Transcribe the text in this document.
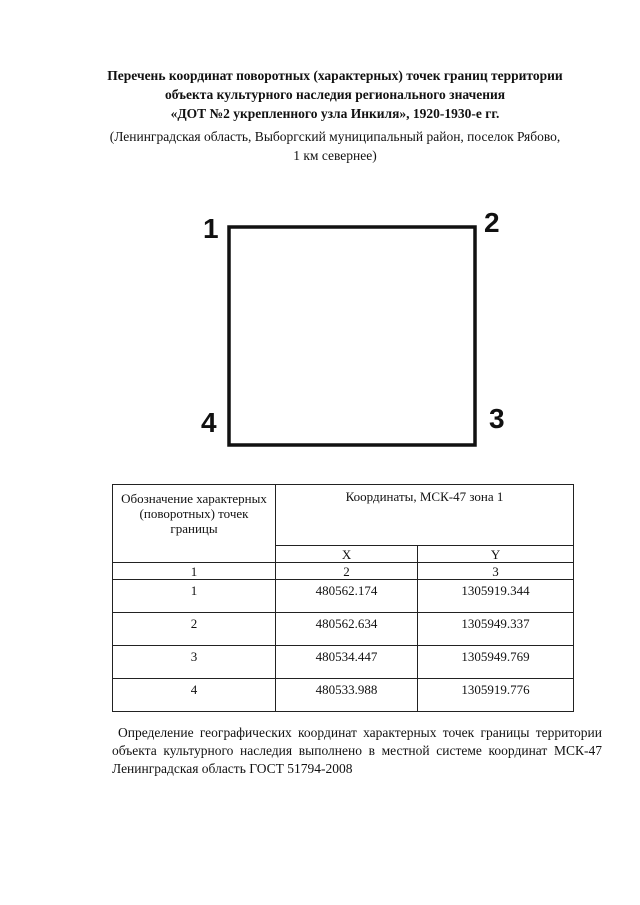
Перечень координат поворотных (характерных) точек границ территории
объекта культурного наследия регионального значения
«ДОТ №2 укрепленного узла Инкиля», 1920-1930-е гг.
(Ленинградская область, Выборгский муниципальный район, поселок Рябово,
1 км севернее)
1	2
3
4
Обозначение характерных (поворотных) точек границы	Координаты, МСК-47 зона 1	
	X	Y
1	2	3
1	480562.174	1305919.344
2	480562.634	1305949.337
3	480534.447	1305949.769
4	480533.988	1305919.776
Определение географических координат характерных точек границы территории объекта культурного наследия выполнено в местной системе координат МСК-47 Ленинградская область ГОСТ 51794-2008
